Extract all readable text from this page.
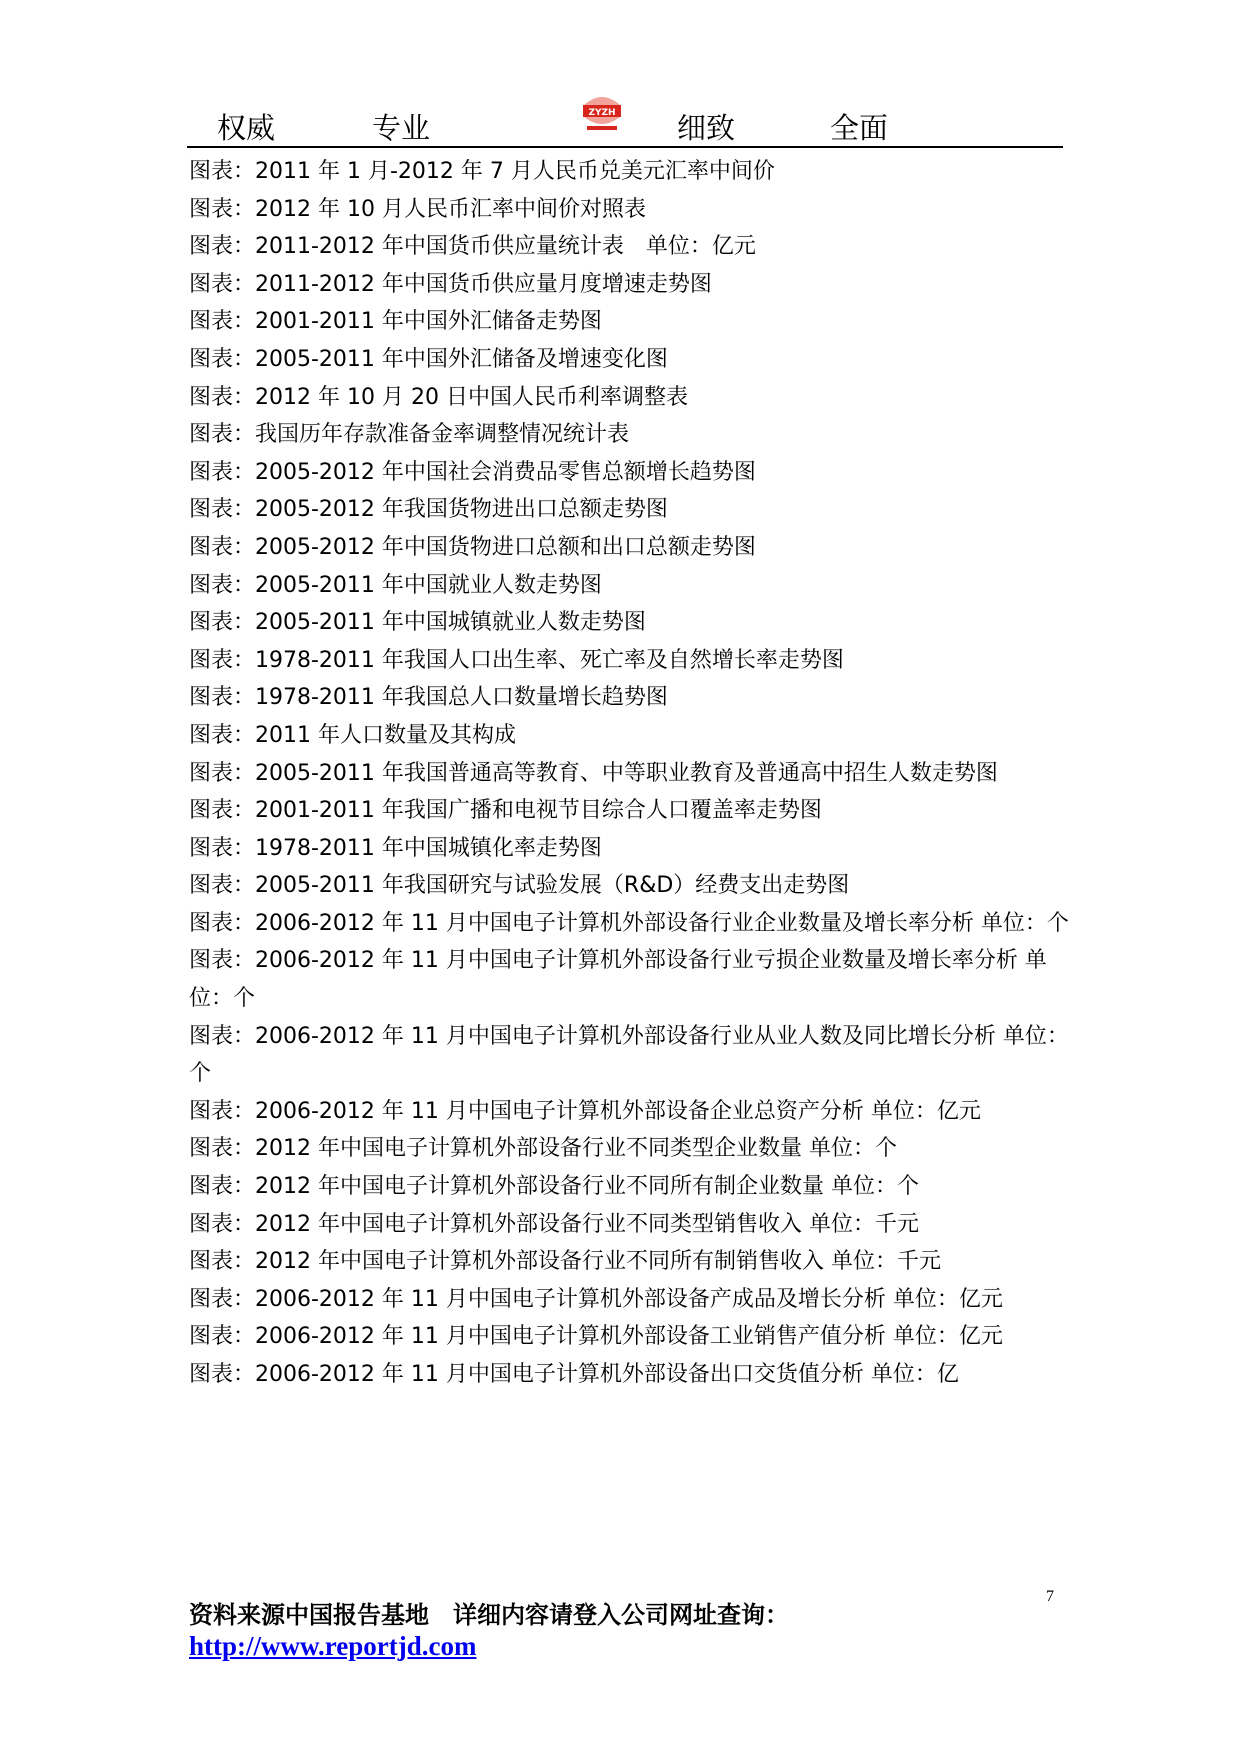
权威	专业	ZYZH 细致	全面

图表：2011 年 1 月-2012 年 7 月人民币兑美元汇率中间价

图表：2012 年 10 月人民币汇率中间价对照表

图表：2011-2012 年中国货币供应量统计表　单位：亿元

图表：2011-2012 年中国货币供应量月度增速走势图

图表：2001-2011 年中国外汇储备走势图

图表：2005-2011 年中国外汇储备及增速变化图

图表：2012 年 10 月 20 日中国人民币利率调整表

图表：我国历年存款准备金率调整情况统计表

图表：2005-2012 年中国社会消费品零售总额增长趋势图

图表：2005-2012 年我国货物进出口总额走势图

图表：2005-2012 年中国货物进口总额和出口总额走势图

图表：2005-2011 年中国就业人数走势图

图表：2005-2011 年中国城镇就业人数走势图

图表：1978-2011 年我国人口出生率、死亡率及自然增长率走势图

图表：1978-2011 年我国总人口数量增长趋势图

图表：2011 年人口数量及其构成

图表：2005-2011 年我国普通高等教育、中等职业教育及普通高中招生人数走势图

图表：2001-2011 年我国广播和电视节目综合人口覆盖率走势图

图表：1978-2011 年中国城镇化率走势图

图表：2005-2011 年我国研究与试验发展（R&D）经费支出走势图

图表：2006-2012 年 11 月中国电子计算机外部设备行业企业数量及增长率分析 单位：个

图表：2006-2012 年 11 月中国电子计算机外部设备行业亏损企业数量及增长率分析 单位：个

图表：2006-2012 年 11 月中国电子计算机外部设备行业从业人数及同比增长分析 单位：个

图表：2006-2012 年 11 月中国电子计算机外部设备企业总资产分析 单位：亿元

图表：2012 年中国电子计算机外部设备行业不同类型企业数量 单位：个

图表：2012 年中国电子计算机外部设备行业不同所有制企业数量 单位：个

图表：2012 年中国电子计算机外部设备行业不同类型销售收入 单位：千元

图表：2012 年中国电子计算机外部设备行业不同所有制销售收入 单位：千元

图表：2006-2012 年 11 月中国电子计算机外部设备产成品及增长分析 单位：亿元

图表：2006-2012 年 11 月中国电子计算机外部设备工业销售产值分析 单位：亿元

图表：2006-2012 年 11 月中国电子计算机外部设备出口交货值分析 单位：亿

资料来源中国报告基地　详细内容请登入公司网址查询：
7
http://www.reportjd.com
